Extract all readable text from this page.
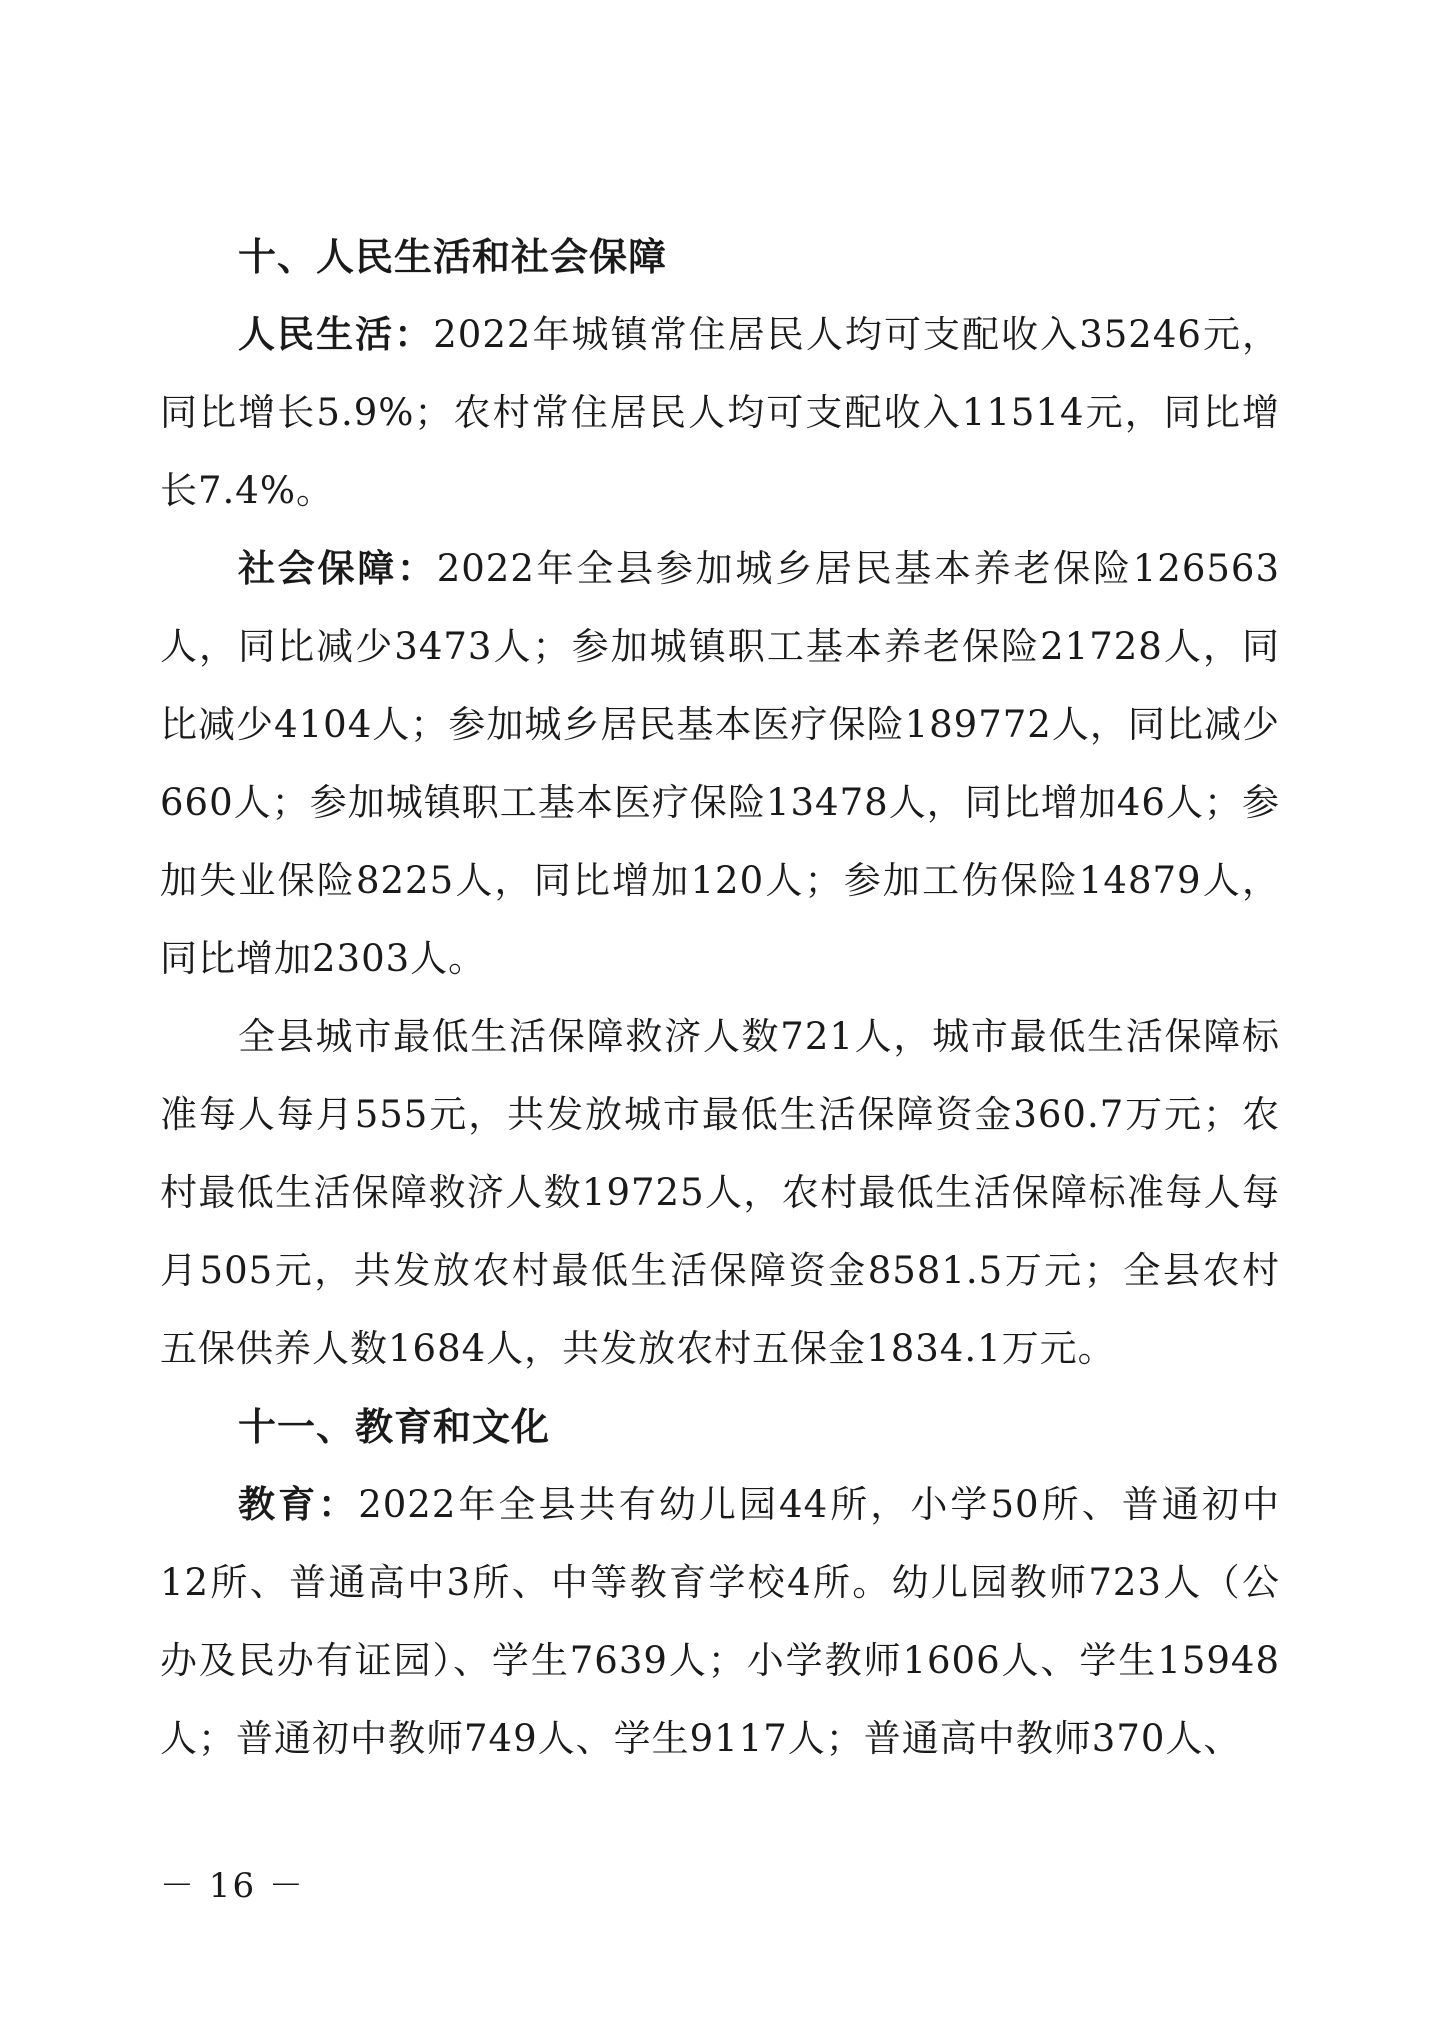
十、人民生活和社会保障

人民生活：2022年城镇常住居民人均可支配收入35246元，同比增长5.9%；农村常住居民人均可支配收入11514元，同比增长7.4%。

社会保障：2022年全县参加城乡居民基本养老保险126563人，同比减少3473人；参加城镇职工基本养老保险21728人，同比减少4104人；参加城乡居民基本医疗保险189772人，同比减少660人；参加城镇职工基本医疗保险13478人，同比增加46人；参加失业保险8225人，同比增加120人；参加工伤保险14879人，同比增加2303人。

全县城市最低生活保障救济人数721人，城市最低生活保障标准每人每月555元，共发放城市最低生活保障资金360.7万元；农村最低生活保障救济人数19725人，农村最低生活保障标准每人每月505元，共发放农村最低生活保障资金8581.5万元；全县农村五保供养人数1684人，共发放农村五保金1834.1万元。

十一、教育和文化

教育：2022年全县共有幼儿园44所，小学50所、普通初中12所、普通高中3所、中等教育学校4所。幼儿园教师723人（公办及民办有证园）、学生7639人；小学教师1606人、学生15948人；普通初中教师749人、学生9117人；普通高中教师370人、

－ 16 －
